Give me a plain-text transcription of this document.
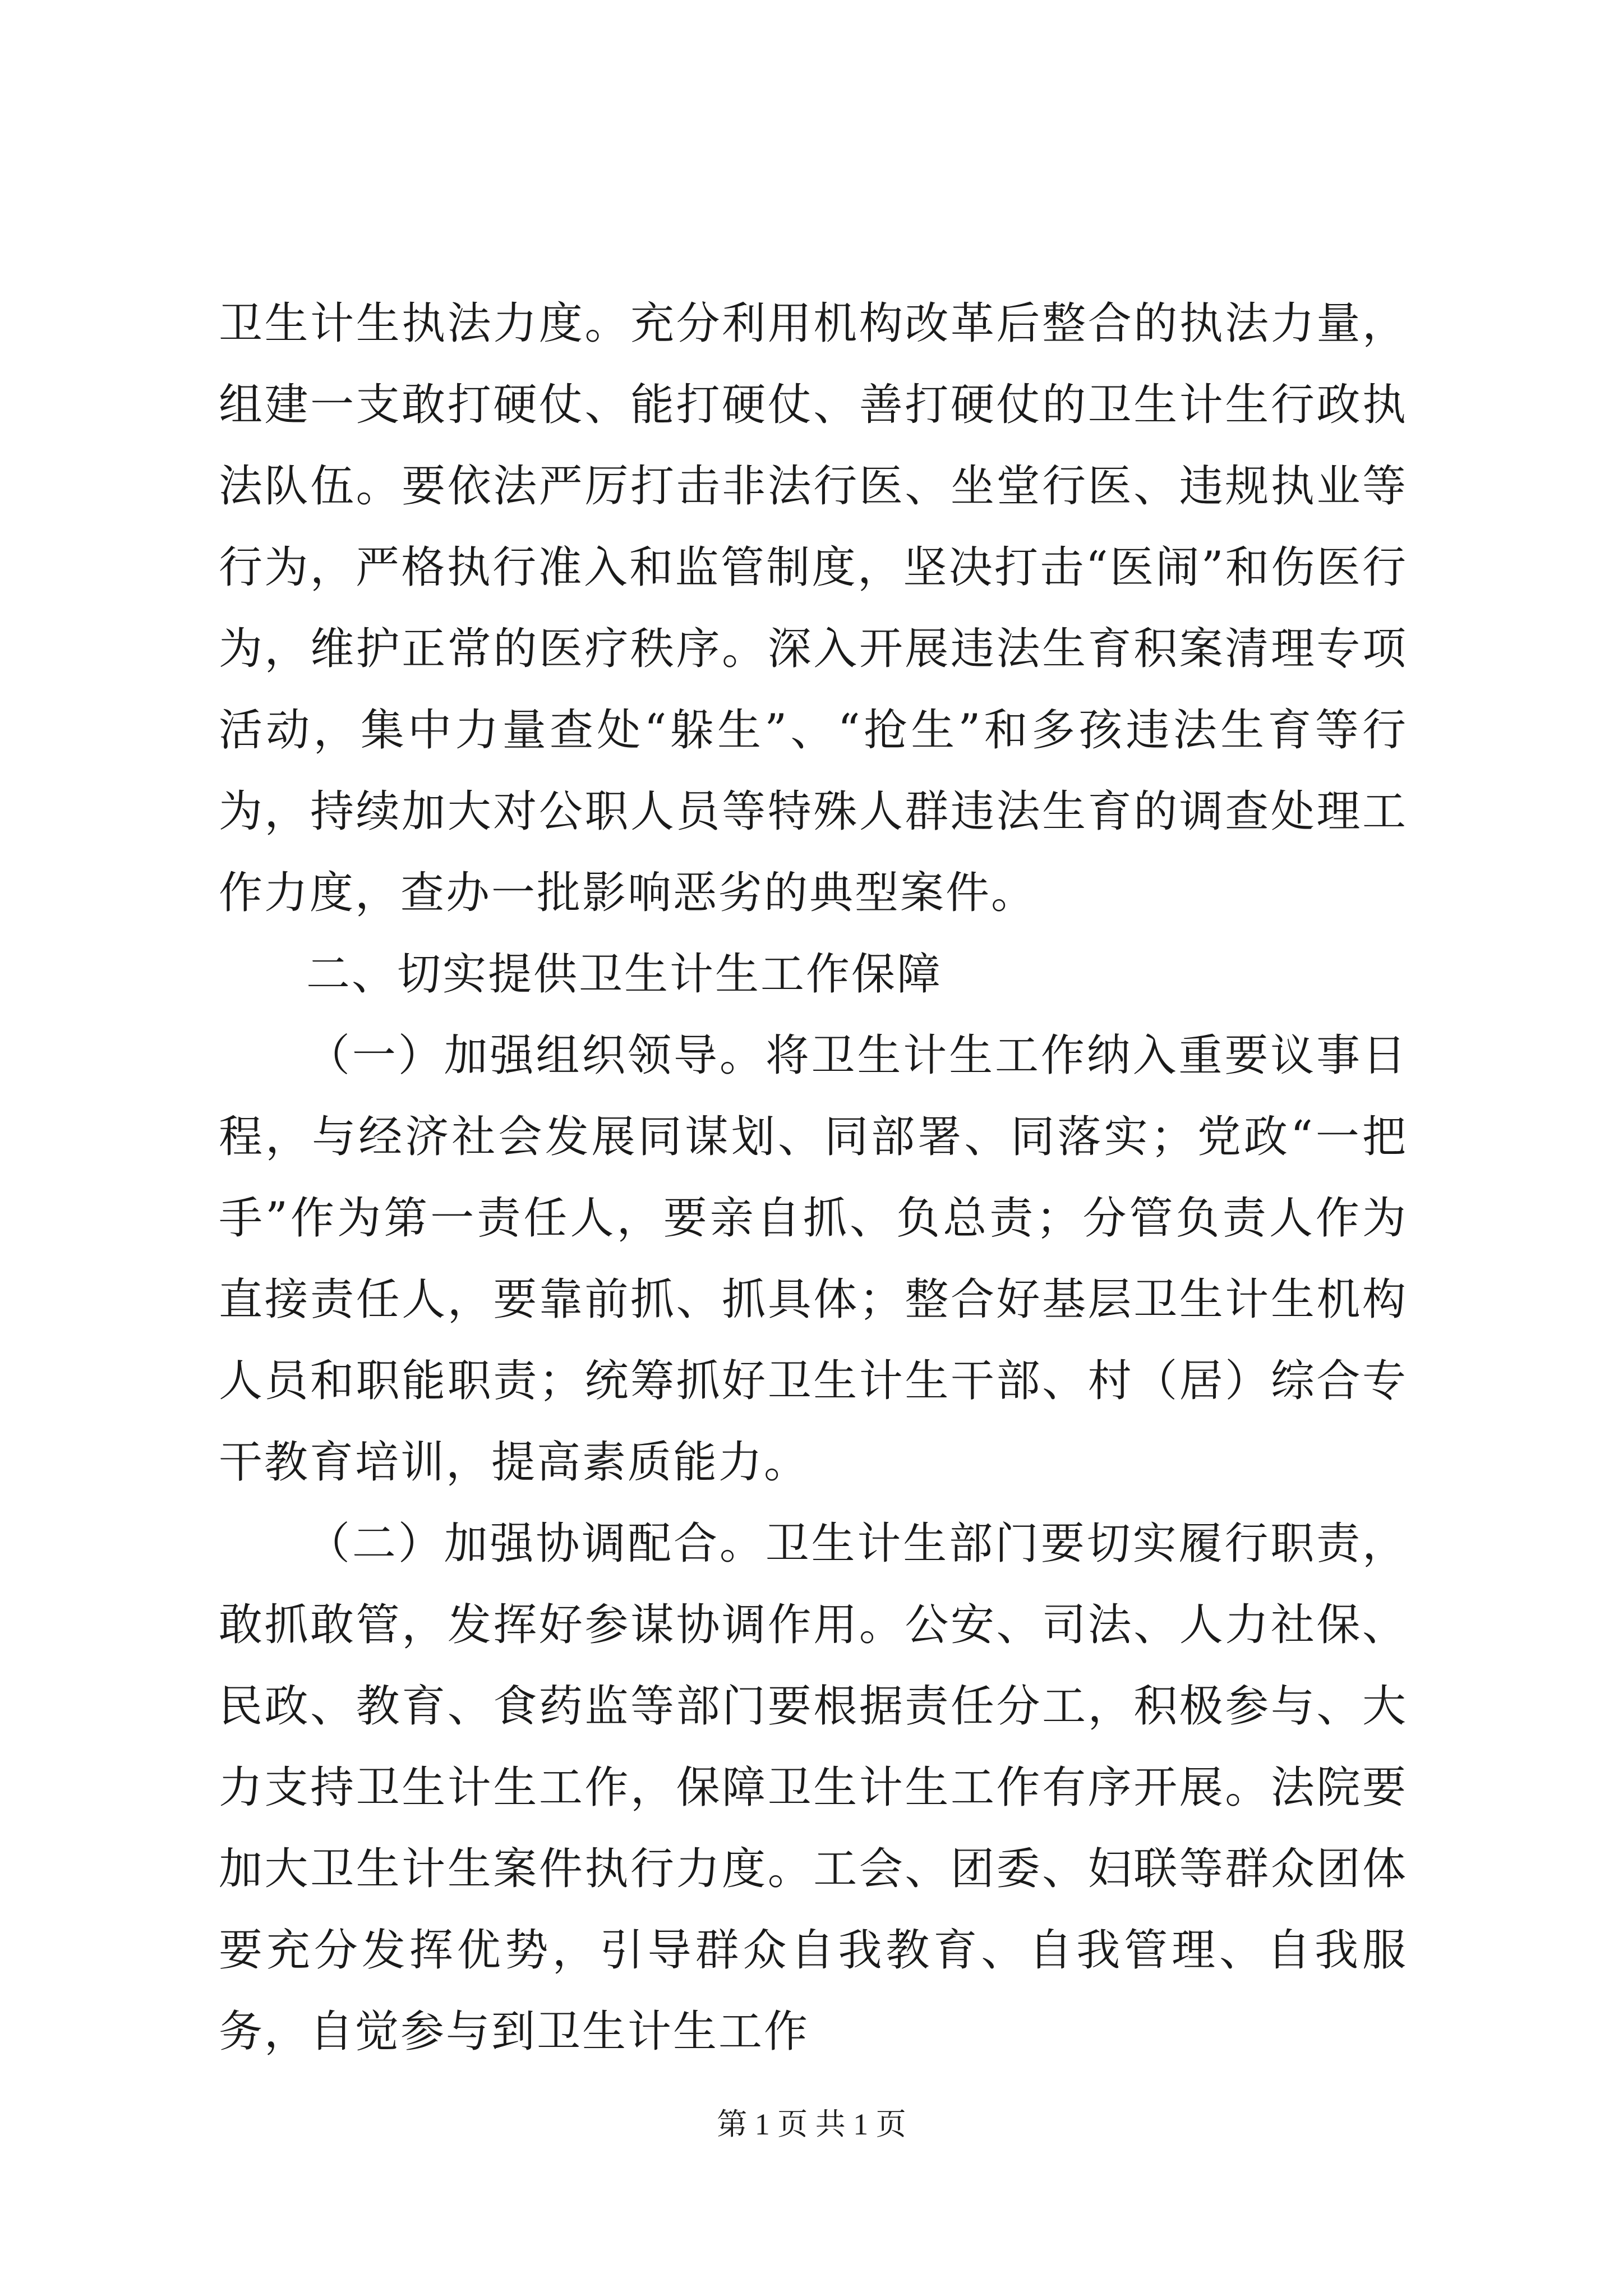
卫生计生执法力度。充分利用机构改革后整合的执法力量，组建一支敢打硬仗、能打硬仗、善打硬仗的卫生计生行政执法队伍。要依法严厉打击非法行医、坐堂行医、违规执业等行为，严格执行准入和监管制度，坚决打击“医闹”和伤医行为，维护正常的医疗秩序。深入开展违法生育积案清理专项活动，集中力量查处“躲生”、“抢生”和多孩违法生育等行为，持续加大对公职人员等特殊人群违法生育的调查处理工作力度，查办一批影响恶劣的典型案件。

二、切实提供卫生计生工作保障

（一）加强组织领导。将卫生计生工作纳入重要议事日程，与经济社会发展同谋划、同部署、同落实；党政“一把手”作为第一责任人，要亲自抓、负总责；分管负责人作为直接责任人，要靠前抓、抓具体；整合好基层卫生计生机构人员和职能职责；统筹抓好卫生计生干部、村（居）综合专干教育培训，提高素质能力。

（二）加强协调配合。卫生计生部门要切实履行职责，敢抓敢管，发挥好参谋协调作用。公安、司法、人力社保、民政、教育、食药监等部门要根据责任分工，积极参与、大力支持卫生计生工作，保障卫生计生工作有序开展。法院要加大卫生计生案件执行力度。工会、团委、妇联等群众团体要充分发挥优势，引导群众自我教育、自我管理、自我服务，自觉参与到卫生计生工作

第 1 页 共 1 页
